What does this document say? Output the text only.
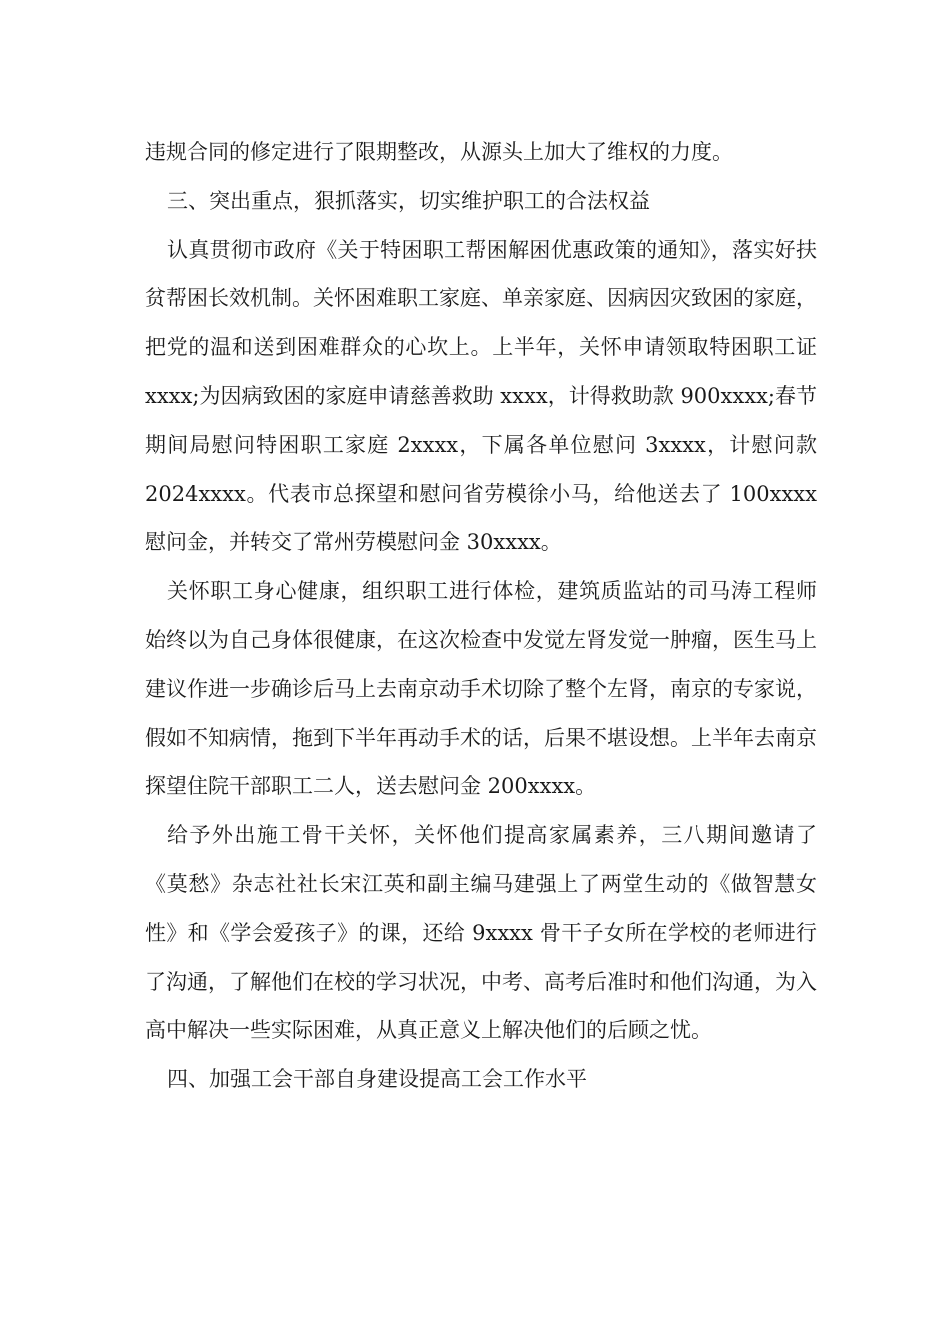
违规合同的修定进行了限期整改，从源头上加大了维权的力度。

三、突出重点，狠抓落实，切实维护职工的合法权益

认真贯彻市政府《关于特困职工帮困解困优惠政策的通知》，落实好扶贫帮困长效机制。关怀困难职工家庭、单亲家庭、因病因灾致困的家庭，把党的温和送到困难群众的心坎上。上半年，关怀申请领取特困职工证 xxxx;为因病致困的家庭申请慈善救助 xxxx，计得救助款 900xxxx;春节期间局慰问特困职工家庭 2xxxx，下属各单位慰问 3xxxx，计慰问款 2024xxxx。代表市总探望和慰问省劳模徐小马，给他送去了 100xxxx 慰问金，并转交了常州劳模慰问金 30xxxx。

关怀职工身心健康，组织职工进行体检，建筑质监站的司马涛工程师始终以为自己身体很健康，在这次检查中发觉左肾发觉一肿瘤，医生马上建议作进一步确诊后马上去南京动手术切除了整个左肾，南京的专家说，假如不知病情，拖到下半年再动手术的话，后果不堪设想。上半年去南京探望住院干部职工二人，送去慰问金 200xxxx。

给予外出施工骨干关怀，关怀他们提高家属素养，三八期间邀请了《莫愁》杂志社社长宋江英和副主编马建强上了两堂生动的《做智慧女性》和《学会爱孩子》的课，还给 9xxxx 骨干子女所在学校的老师进行了沟通，了解他们在校的学习状况，中考、高考后准时和他们沟通，为入高中解决一些实际困难，从真正意义上解决他们的后顾之忧。

四、加强工会干部自身建设提高工会工作水平
